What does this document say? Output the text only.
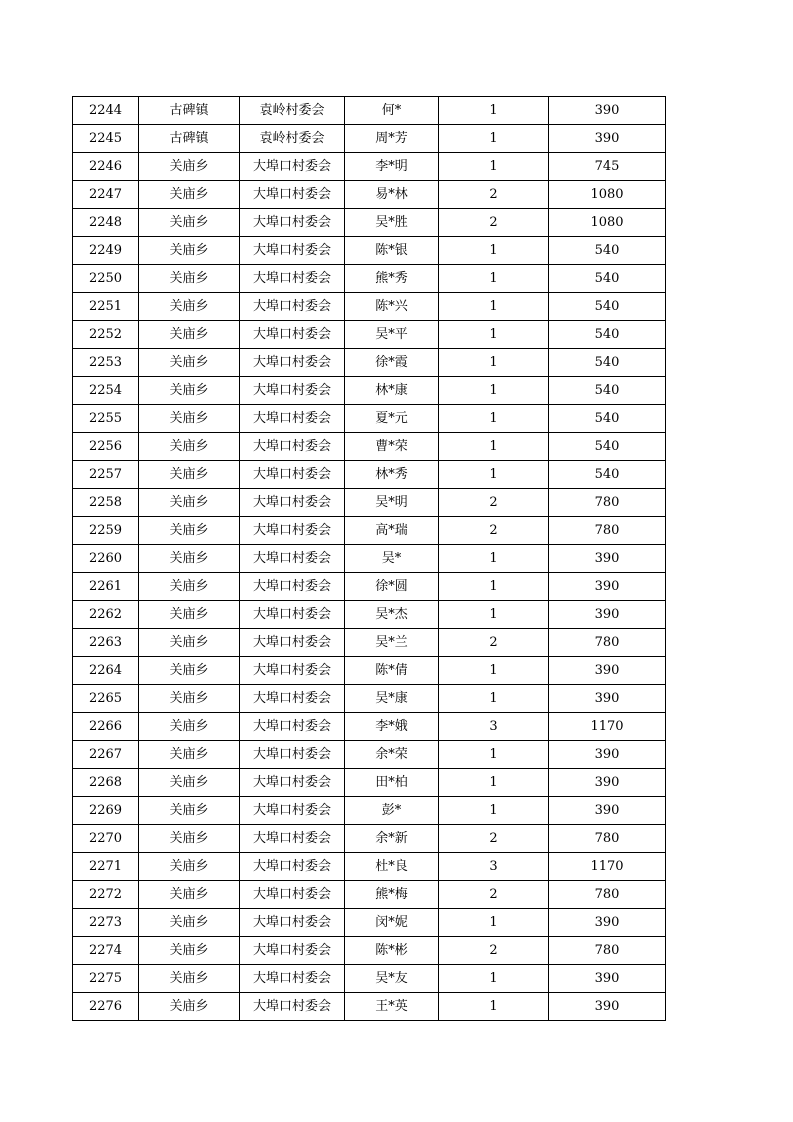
2244	古碑镇	袁岭村委会	何*	1	390
2245	古碑镇	袁岭村委会	周*芳	1	390
2246	关庙乡	大埠口村委会	李*明	1	745
2247	关庙乡	大埠口村委会	易*林	2	1080
2248	关庙乡	大埠口村委会	吴*胜	2	1080
2249	关庙乡	大埠口村委会	陈*银	1	540
2250	关庙乡	大埠口村委会	熊*秀	1	540
2251	关庙乡	大埠口村委会	陈*兴	1	540
2252	关庙乡	大埠口村委会	吴*平	1	540
2253	关庙乡	大埠口村委会	徐*霞	1	540
2254	关庙乡	大埠口村委会	林*康	1	540
2255	关庙乡	大埠口村委会	夏*元	1	540
2256	关庙乡	大埠口村委会	曹*荣	1	540
2257	关庙乡	大埠口村委会	林*秀	1	540
2258	关庙乡	大埠口村委会	吴*明	2	780
2259	关庙乡	大埠口村委会	高*瑞	2	780
2260	关庙乡	大埠口村委会	吴*	1	390
2261	关庙乡	大埠口村委会	徐*圆	1	390
2262	关庙乡	大埠口村委会	吴*杰	1	390
2263	关庙乡	大埠口村委会	吴*兰	2	780
2264	关庙乡	大埠口村委会	陈*倩	1	390
2265	关庙乡	大埠口村委会	吴*康	1	390
2266	关庙乡	大埠口村委会	李*娥	3	1170
2267	关庙乡	大埠口村委会	余*荣	1	390
2268	关庙乡	大埠口村委会	田*柏	1	390
2269	关庙乡	大埠口村委会	彭*	1	390
2270	关庙乡	大埠口村委会	余*新	2	780
2271	关庙乡	大埠口村委会	杜*良	3	1170
2272	关庙乡	大埠口村委会	熊*梅	2	780
2273	关庙乡	大埠口村委会	闵*妮	1	390
2274	关庙乡	大埠口村委会	陈*彬	2	780
2275	关庙乡	大埠口村委会	吴*友	1	390
2276	关庙乡	大埠口村委会	王*英	1	390
